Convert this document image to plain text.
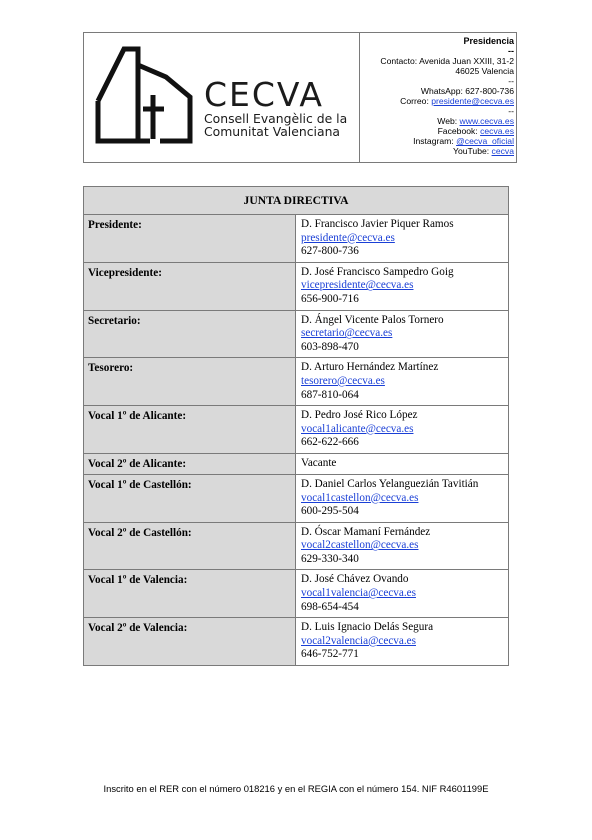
CECVA
Consell Evangèlic de la
Comunitat Valenciana
Presidencia
--
Contacto: Avenida Juan XXIII, 31-2
46025 Valencia
--
WhatsApp: 627-800-736
Correo: presidente@cecva.es
--
Web: www.cecva.es
Facebook: cecva.es
Instagram: @cecva_oficial
YouTube: cecva
JUNTA DIRECTIVA	
Presidente:	D. Francisco Javier Piquer Ramos
presidente@cecva.es
627-800-736

Vicepresidente:	D. José Francisco Sampedro Goig
vicepresidente@cecva.es
656-900-716

Secretario:	D. Ángel Vicente Palos Tornero
secretario@cecva.es
603-898-470

Tesorero:	D. Arturo Hernández Martínez
tesorero@cecva.es
687-810-064

Vocal 1º de Alicante:	D. Pedro José Rico López
vocal1alicante@cecva.es
662-622-666

Vocal 2º de Alicante:	Vacante

Vocal 1º de Castellón:	D. Daniel Carlos Yelanguezián Tavitián
vocal1castellon@cecva.es
600-295-504

Vocal 2º de Castellón:	D. Óscar Mamaní Fernández
vocal2castellon@cecva.es
629-330-340

Vocal 1º de Valencia:	D. José Chávez Ovando
vocal1valencia@cecva.es
698-654-454

Vocal 2º de Valencia:	D. Luis Ignacio Delás Segura
vocal2valencia@cecva.es
646-752-771
Inscrito en el RER con el número 018216 y en el REGIA con el número 154. NIF R4601199E
